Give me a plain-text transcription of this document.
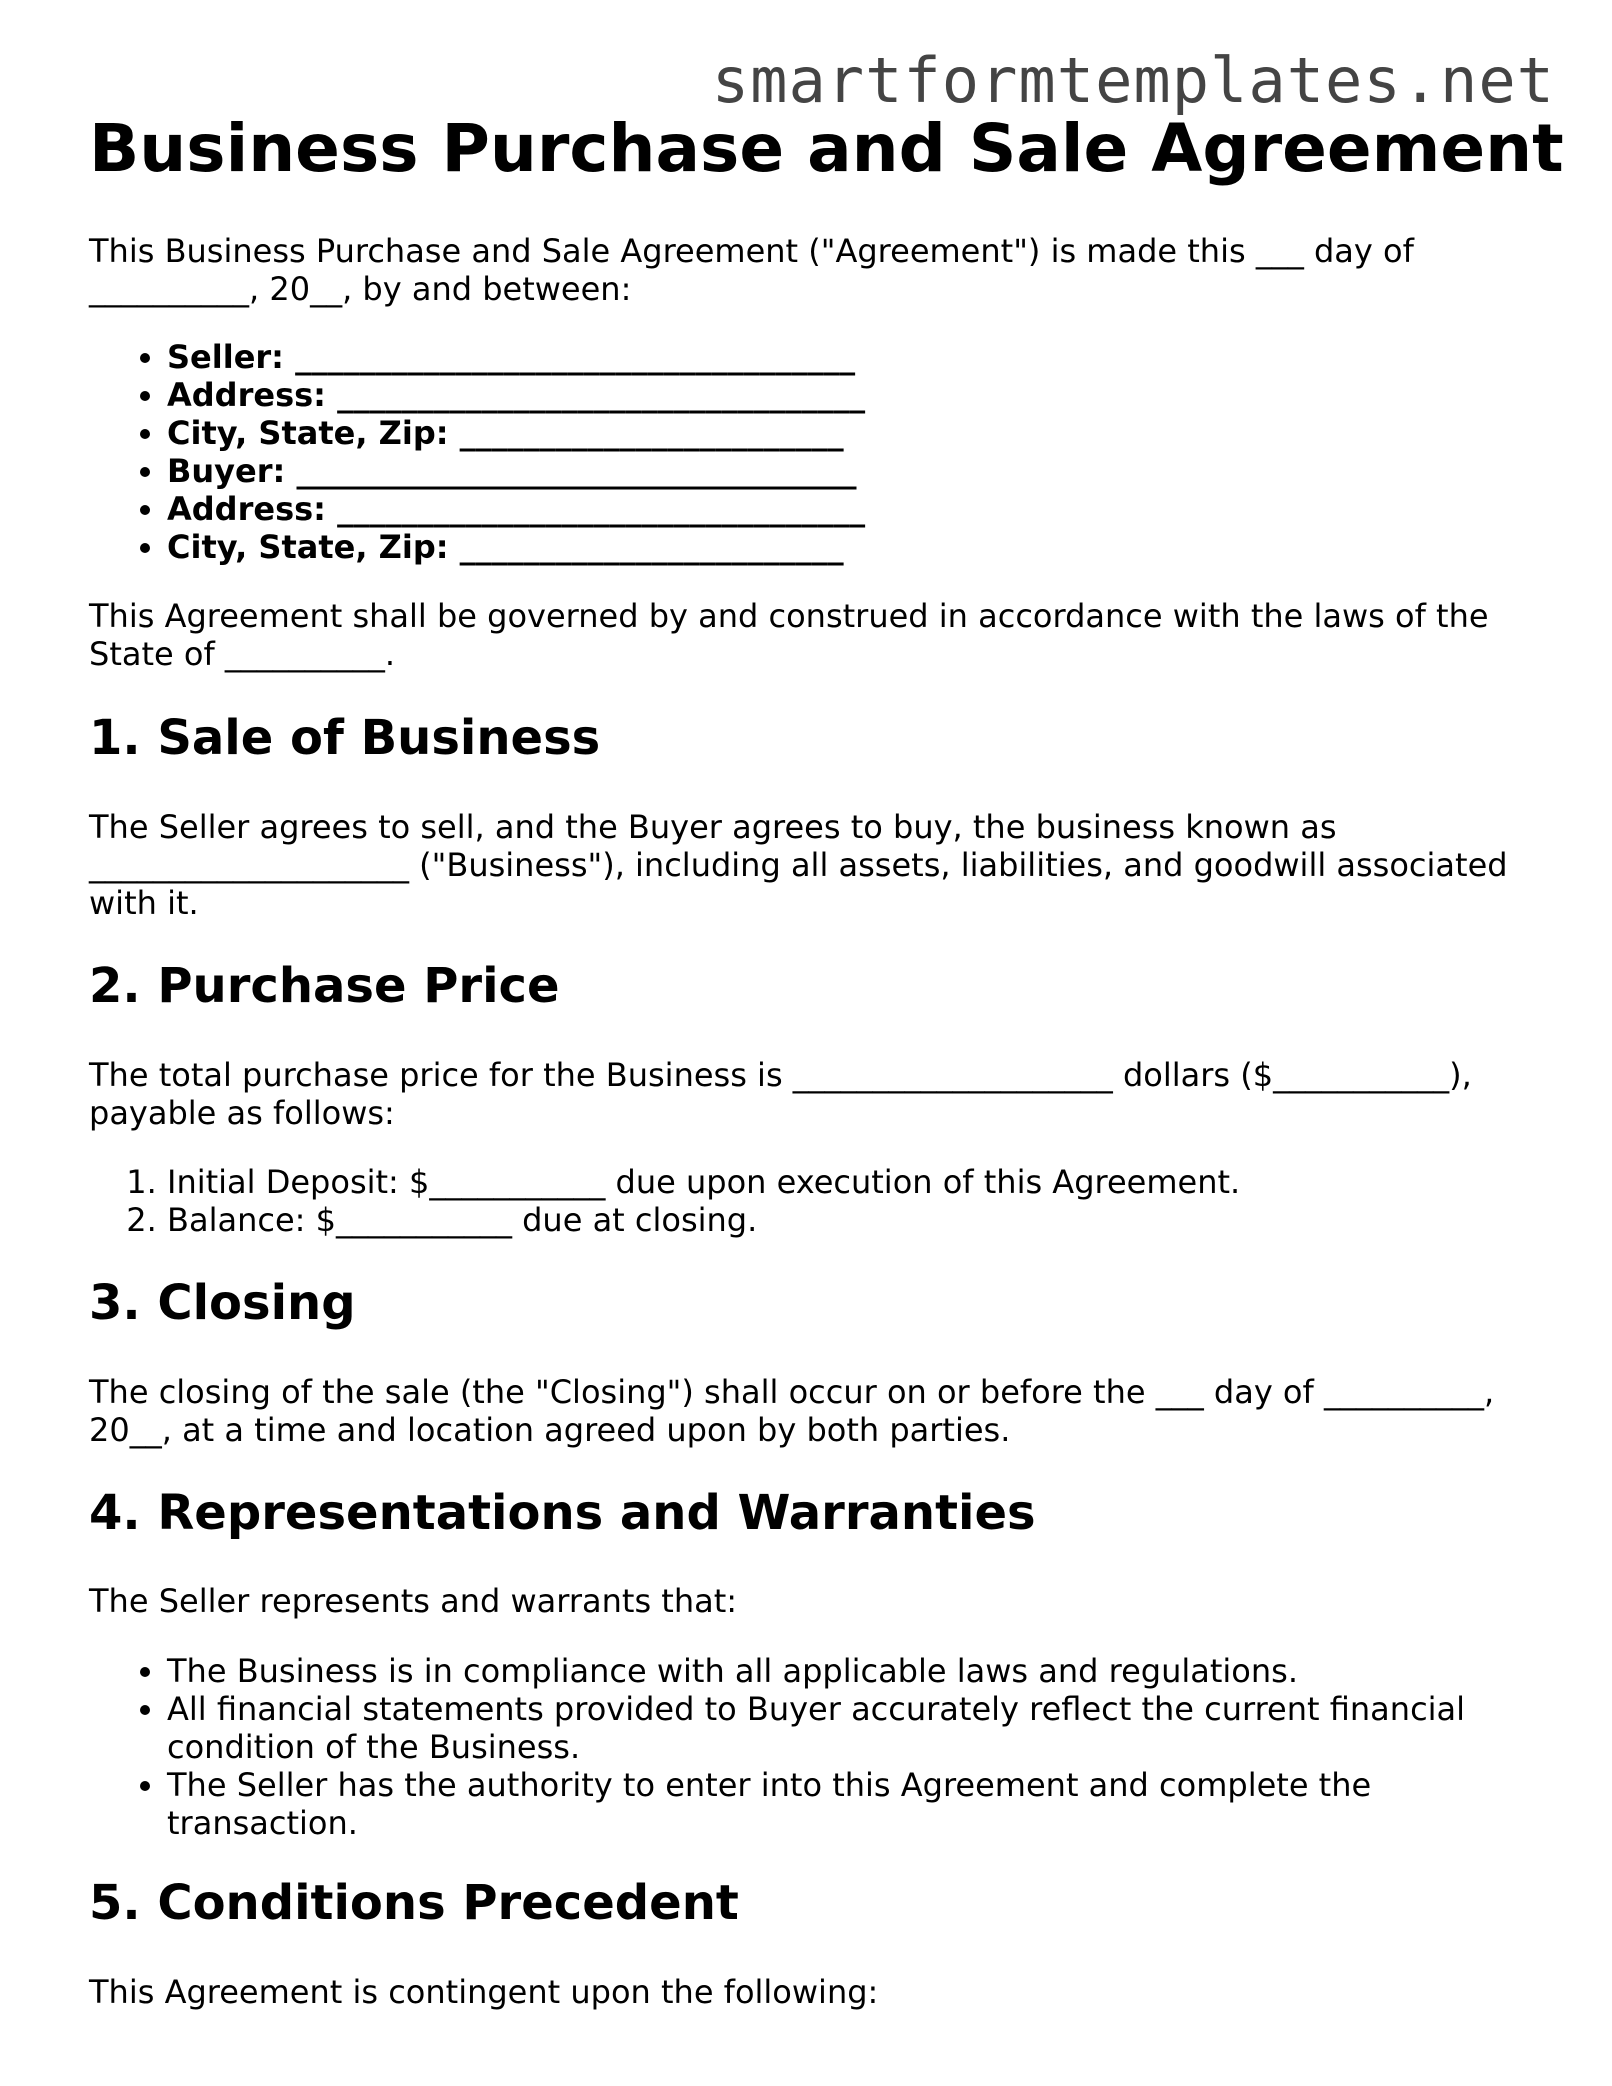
smartformtemplates.net
Business Purchase and Sale Agreement

This Business Purchase and Sale Agreement ("Agreement") is made this ___ day of __________, 20__, by and between:

• Seller: ___________________________________
• Address: _________________________________
• City, State, Zip: ________________________
• Buyer: ___________________________________
• Address: _________________________________
• City, State, Zip: ________________________

This Agreement shall be governed by and construed in accordance with the laws of the State of __________.

1. Sale of Business

The Seller agrees to sell, and the Buyer agrees to buy, the business known as ____________________ ("Business"), including all assets, liabilities, and goodwill associated with it.

2. Purchase Price

The total purchase price for the Business is ____________________ dollars ($___________), payable as follows:

1. Initial Deposit: $___________ due upon execution of this Agreement.
2. Balance: $___________ due at closing.
3. Closing

The closing of the sale (the "Closing") shall occur on or before the ___ day of __________, 20__, at a time and location agreed upon by both parties.

4. Representations and Warranties

The Seller represents and warrants that:

• The Business is in compliance with all applicable laws and regulations.
• All financial statements provided to Buyer accurately reflect the current financial condition of the Business.
• The Seller has the authority to enter into this Agreement and complete the transaction.
5. Conditions Precedent

This Agreement is contingent upon the following:
